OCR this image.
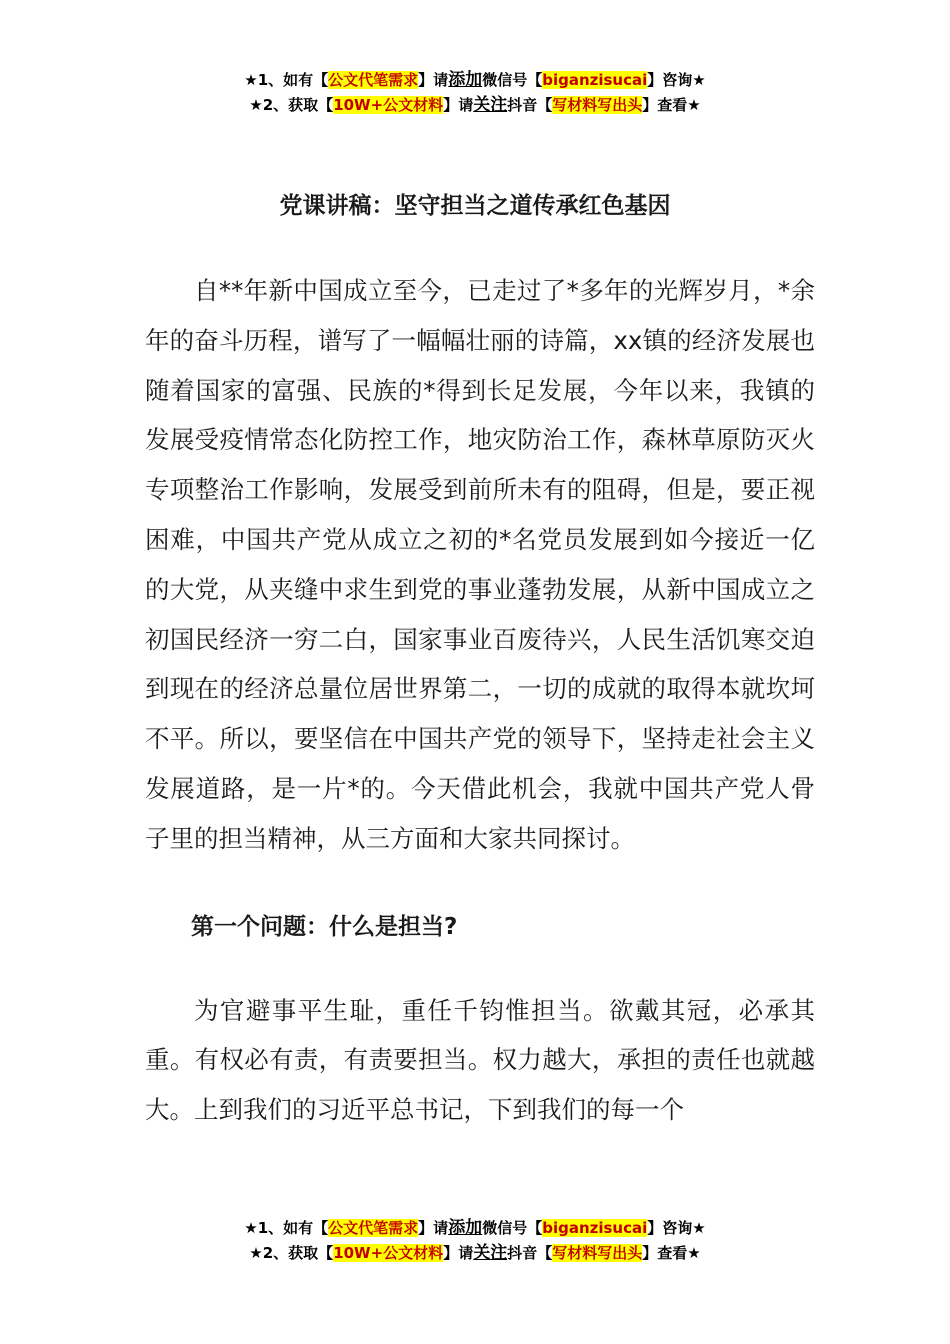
★1、如有【公文代笔需求】请添加微信号【biganzisucai】咨询★
★2、获取【10W+公文材料】请关注抖音【写材料写出头】查看★
党课讲稿：坚守担当之道传承红色基因

自**年新中国成立至今，已走过了*多年的光辉岁月，*余年的奋斗历程，谱写了一幅幅壮丽的诗篇，xx镇的经济发展也随着国家的富强、民族的*得到长足发展，今年以来，我镇的发展受疫情常态化防控工作，地灾防治工作，森林草原防灭火专项整治工作影响，发展受到前所未有的阻碍，但是，要正视困难，中国共产党从成立之初的*名党员发展到如今接近一亿的大党，从夹缝中求生到党的事业蓬勃发展，从新中国成立之初国民经济一穷二白，国家事业百废待兴，人民生活饥寒交迫到现在的经济总量位居世界第二，一切的成就的取得本就坎坷不平。所以，要坚信在中国共产党的领导下，坚持走社会主义发展道路，是一片*的。今天借此机会，我就中国共产党人骨子里的担当精神，从三方面和大家共同探讨。

第一个问题：什么是担当?

为官避事平生耻，重任千钧惟担当。欲戴其冠，必承其重。有权必有责，有责要担当。权力越大，承担的责任也就越大。上到我们的习近平总书记，下到我们的每一个

★1、如有【公文代笔需求】请添加微信号【biganzisucai】咨询★
★2、获取【10W+公文材料】请关注抖音【写材料写出头】查看★
